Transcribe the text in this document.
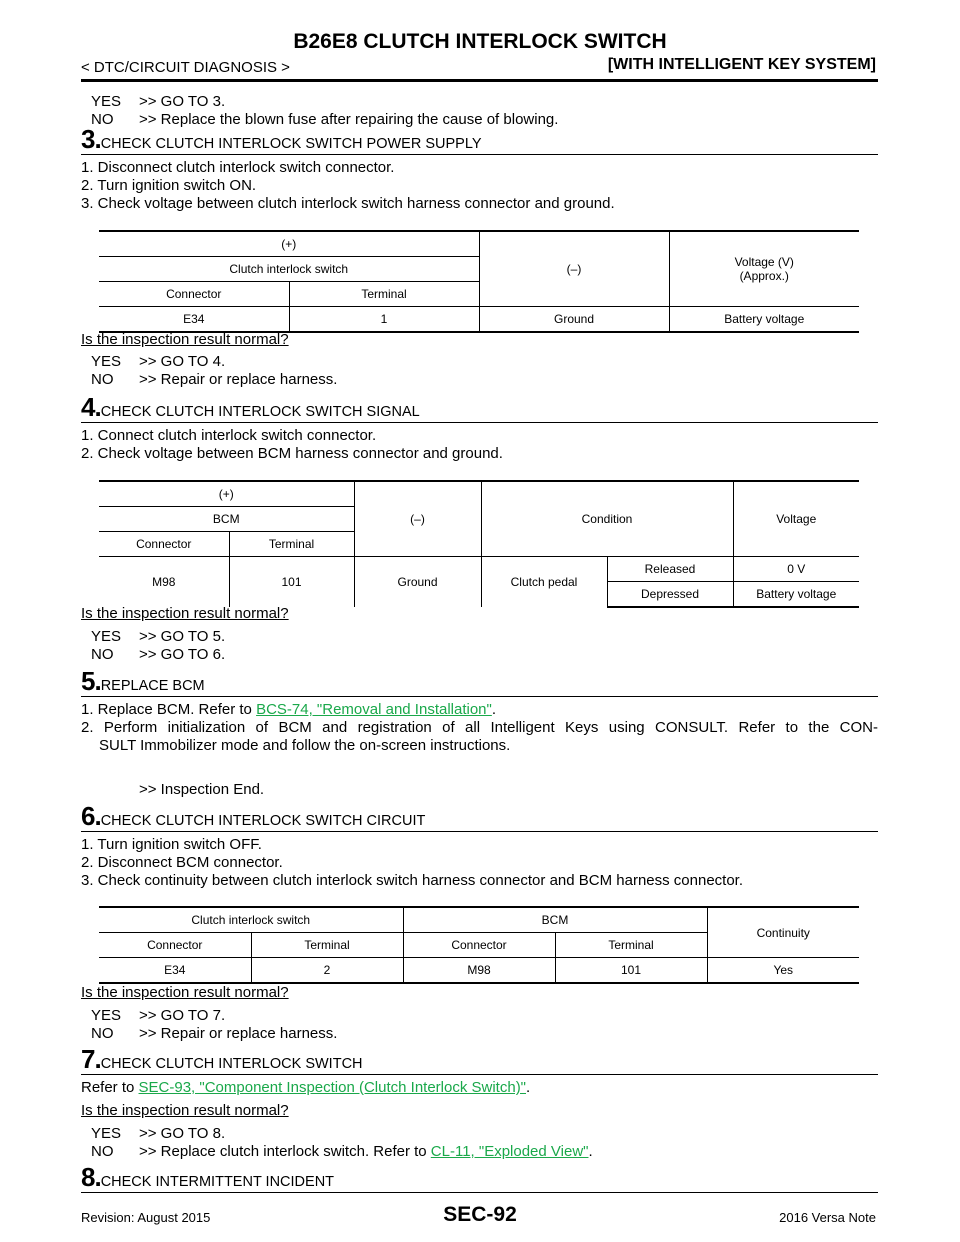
B26E8 CLUTCH INTERLOCK SWITCH
< DTC/CIRCUIT DIAGNOSIS >	[WITH INTELLIGENT KEY SYSTEM]
YES >> GO TO 3.
NO >> Replace the blown fuse after repairing the cause of blowing.
3.CHECK CLUTCH INTERLOCK SWITCH POWER SUPPLY
1. Disconnect clutch interlock switch connector.
2. Turn ignition switch ON.
3. Check voltage between clutch interlock switch harness connector and ground.
(+)		(–)	Voltage (V)
(Approx.)
Clutch interlock switch			
Connector	Terminal		
E34	1	Ground	Battery voltage
Is the inspection result normal?
YES >> GO TO 4.
NO >> Repair or replace harness.
4.CHECK CLUTCH INTERLOCK SWITCH SIGNAL
1. Connect clutch interlock switch connector.
2. Check voltage between BCM harness connector and ground.
(+)		(–)	Condition		Voltage
BCM					
Connector	Terminal				
M98	101	Ground	Clutch pedal	Released	0 V
				Depressed	Battery voltage
Is the inspection result normal?
YES >> GO TO 5.
NO >> GO TO 6.
5.REPLACE BCM
1. Replace BCM. Refer to BCS-74, "Removal and Installation".
2. Perform initialization of BCM and registration of all Intelligent Keys using CONSULT. Refer to the CON-
SULT Immobilizer mode and follow the on-screen instructions.
>> Inspection End.
6.CHECK CLUTCH INTERLOCK SWITCH CIRCUIT
1. Turn ignition switch OFF.
2. Disconnect BCM connector.
3. Check continuity between clutch interlock switch harness connector and BCM harness connector.
Clutch interlock switch		BCM		Continuity
Connector	Terminal	Connector	Terminal	
E34	2	M98	101	Yes
Is the inspection result normal?
YES >> GO TO 7.
NO >> Repair or replace harness.
7.CHECK CLUTCH INTERLOCK SWITCH
Refer to SEC-93, "Component Inspection (Clutch Interlock Switch)".
Is the inspection result normal?
YES >> GO TO 8.
NO >> Replace clutch interlock switch. Refer to CL-11, "Exploded View".
8.CHECK INTERMITTENT INCIDENT
Revision: August 2015	SEC-92	2016 Versa Note
